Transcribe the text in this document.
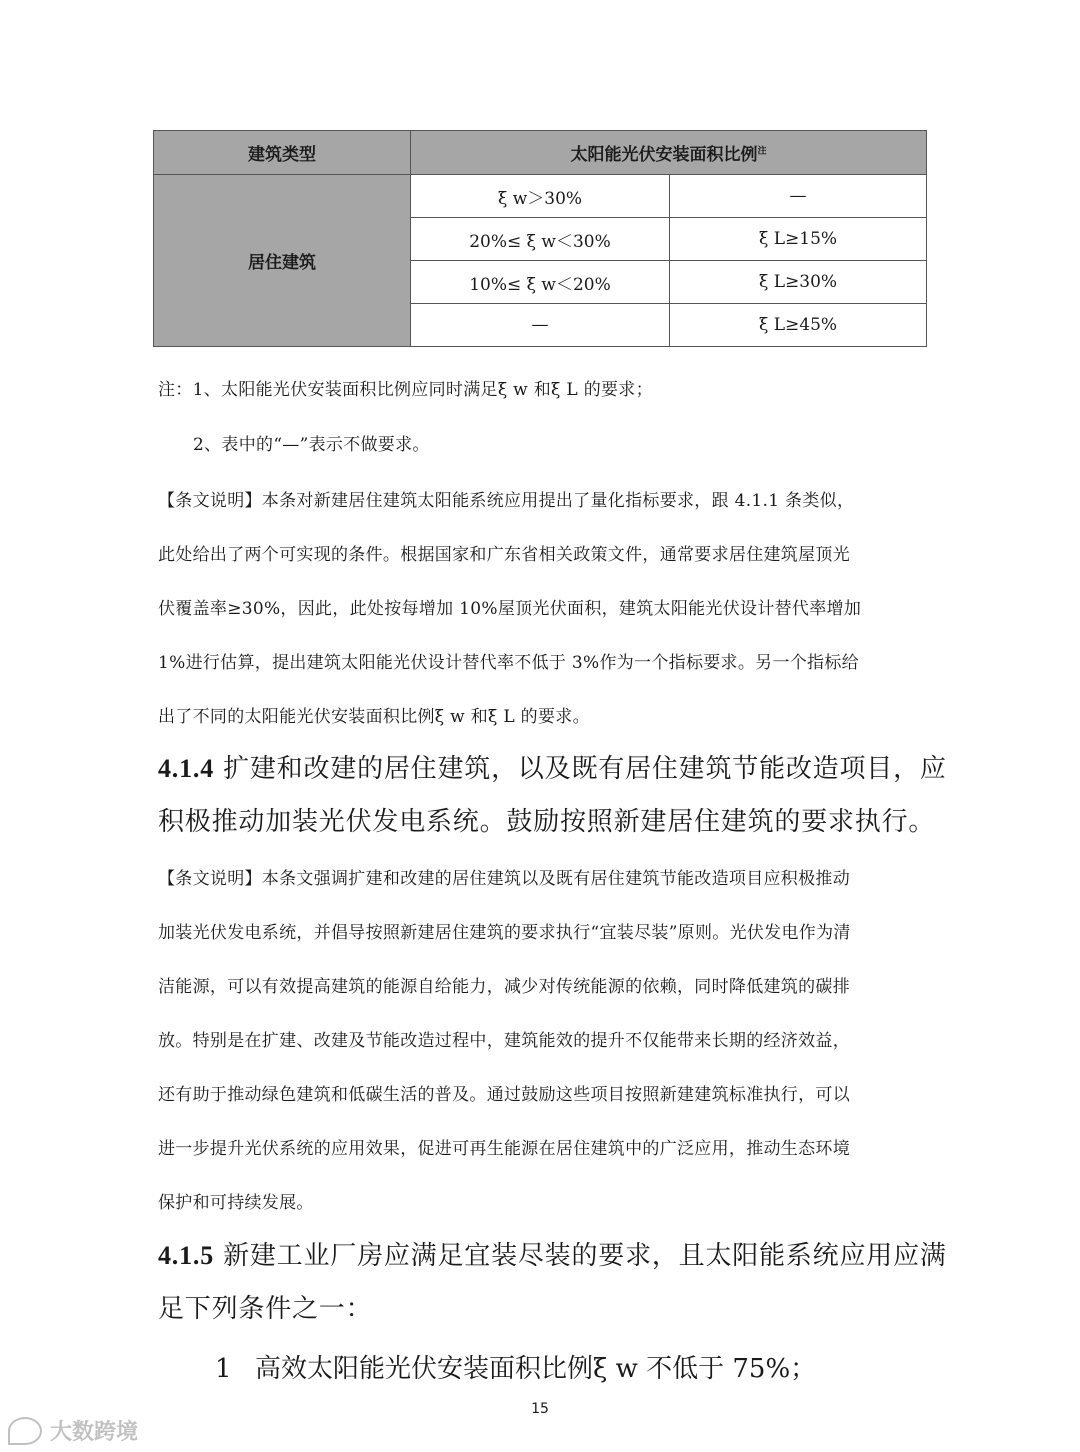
建筑类型	太阳能光伏安装面积比例$^注$
居住建筑	ξ w＞30%	—
	20%≤ ξ w＜30%	ξ L≥15%
	10%≤ ξ w＜20%	ξ L≥30%
	—	ξ L≥45%
注：1、太阳能光伏安装面积比例应同时满足ξ w 和ξ L 的要求；
2、表中的“—”表示不做要求。
【条文说明】本条对新建居住建筑太阳能系统应用提出了量化指标要求，跟 4.1.1 条类似，
此处给出了两个可实现的条件。根据国家和广东省相关政策文件，通常要求居住建筑屋顶光
伏覆盖率≥30%，因此，此处按每增加 10%屋顶光伏面积，建筑太阳能光伏设计替代率增加
1%进行估算，提出建筑太阳能光伏设计替代率不低于 3%作为一个指标要求。另一个指标给
出了不同的太阳能光伏安装面积比例ξ w 和ξ L 的要求。
4.1.4 扩建和改建的居住建筑，以及既有居住建筑节能改造项目，应
积极推动加装光伏发电系统。鼓励按照新建居住建筑的要求执行。
【条文说明】本条文强调扩建和改建的居住建筑以及既有居住建筑节能改造项目应积极推动
加装光伏发电系统，并倡导按照新建居住建筑的要求执行“宜装尽装”原则。光伏发电作为清
洁能源，可以有效提高建筑的能源自给能力，减少对传统能源的依赖，同时降低建筑的碳排
放。特别是在扩建、改建及节能改造过程中，建筑能效的提升不仅能带来长期的经济效益，
还有助于推动绿色建筑和低碳生活的普及。通过鼓励这些项目按照新建建筑标准执行，可以
进一步提升光伏系统的应用效果，促进可再生能源在居住建筑中的广泛应用，推动生态环境
保护和可持续发展。
4.1.5 新建工业厂房应满足宜装尽装的要求，且太阳能系统应用应满
足下列条件之一：
1 高效太阳能光伏安装面积比例ξ w 不低于 75%；
15
大数跨境
